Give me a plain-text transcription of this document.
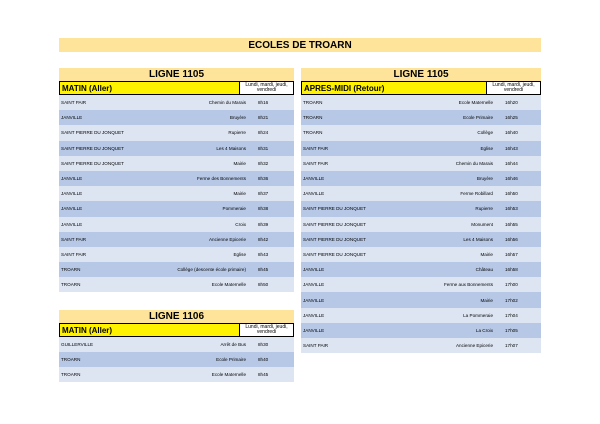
ECOLES DE TROARN
LIGNE 1105
MATIN (Aller)	Lundi, mardi, jeudi, vendredi
SAINT PAIR	Chemin du Marais	8h16
JANVILLE	Bruyère	8h21
SAINT PIERRE DU JONQUET	Rupierre	8h24
SAINT PIERRE DU JONQUET	Les 4 Maisons	8h31
SAINT PIERRE DU JONQUET	Mairie	8h32
JANVILLE	Ferme des Bonnements	8h36
JANVILLE	Mairie	8h37
JANVILLE	Pommeraie	8h38
JANVILLE	Croix	8h39
SAINT PAIR	Ancienne Epicerie	8h42
SAINT PAIR	Eglise	8h43
TROARN	Collège (descente école primaire)	8h45
TROARN	Ecole Maternelle	8h50
LIGNE 1105
APRES-MIDI (Retour)	Lundi, mardi, jeudi, vendredi
TROARN	Ecole Maternelle	16h20
TROARN	Ecole Primaire	16h25
TROARN	Collège	16h40
SAINT PAIR	Eglise	16h43
SAINT PAIR	Chemin du Marais	16h44
JANVILLE	Bruyère	16h46
JANVILLE	Ferme Robillard	16h50
SAINT PIERRE DU JONQUET	Rupierre	16h53
SAINT PIERRE DU JONQUET	Monument	16h55
SAINT PIERRE DU JONQUET	Les 4 Maisons	16h56
SAINT PIERRE DU JONQUET	Mairie	16h57
JANVILLE	Château	16h58
JANVILLE	Ferme aux Bonnements	17h00
JANVILLE	Mairie	17h02
JANVILLE	La Pommeraie	17h04
JANVILLE	La Croix	17h05
SAINT PAIR	Ancienne Epicerie	17h07
LIGNE 1106
MATIN (Aller)	Lundi, mardi, jeudi, vendredi
GUILLERVILLE	Arrêt de Bus	8h30
TROARN	Ecole Primaire	8h40
TROARN	Ecole Maternelle	8h45
